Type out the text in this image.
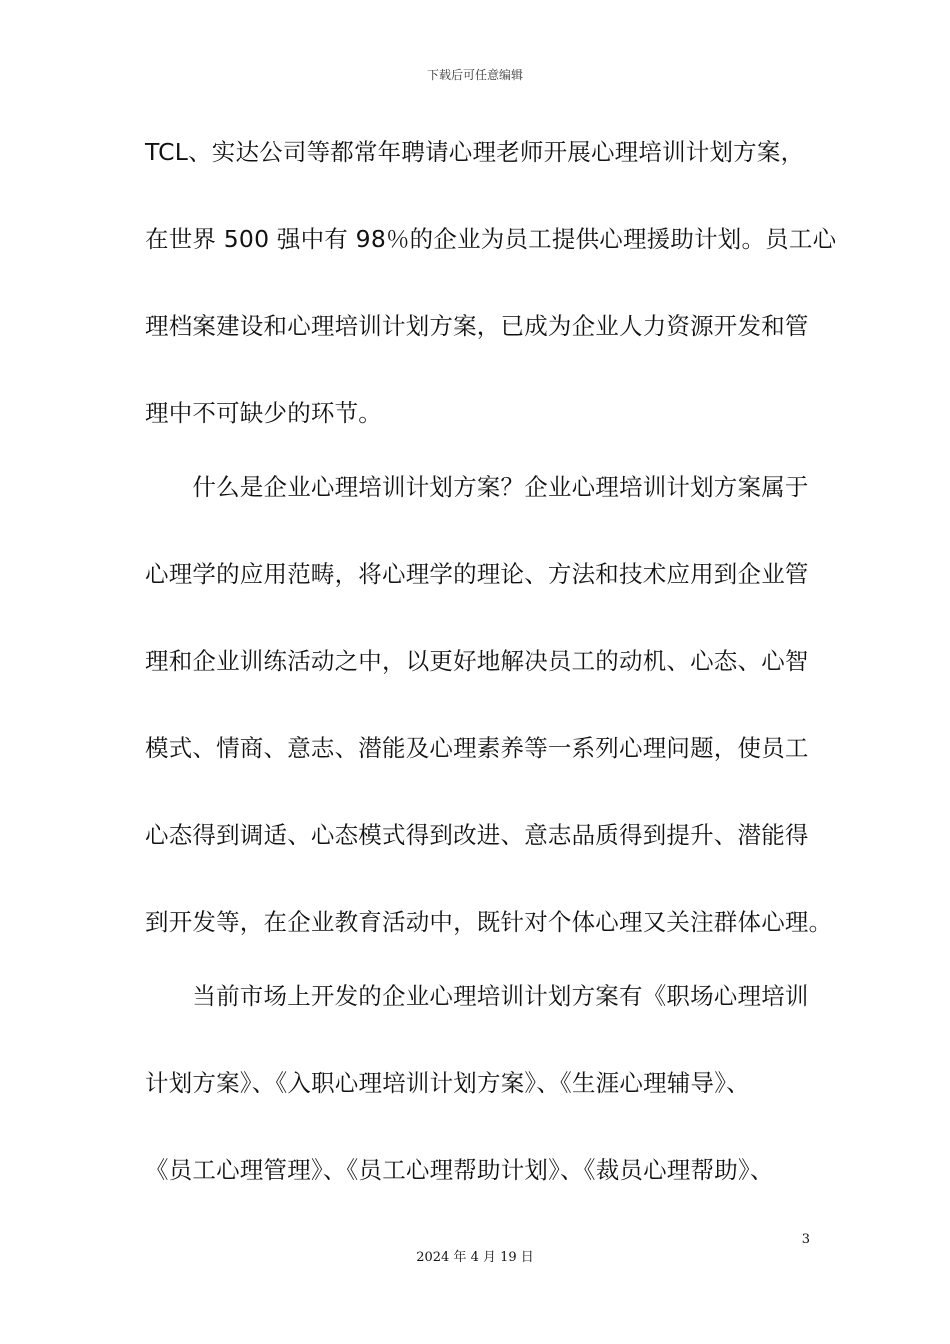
下载后可任意编辑
TCL、实达公司等都常年聘请心理老师开展心理培训计划方案，
在世界 500 强中有 98％的企业为员工提供心理援助计划。员工心
理档案建设和心理培训计划方案，已成为企业人力资源开发和管
理中不可缺少的环节。
　　什么是企业心理培训计划方案？企业心理培训计划方案属于
心理学的应用范畴，将心理学的理论、方法和技术应用到企业管
理和企业训练活动之中，以更好地解决员工的动机、心态、心智
模式、情商、意志、潜能及心理素养等一系列心理问题，使员工
心态得到调适、心态模式得到改进、意志品质得到提升、潜能得
到开发等，在企业教育活动中，既针对个体心理又关注群体心理。
　　当前市场上开发的企业心理培训计划方案有《职场心理培训
计划方案》、《入职心理培训计划方案》、《生涯心理辅导》、
《员工心理管理》、《员工心理帮助计划》、《裁员心理帮助》、
3
2024 年 4 月 19 日
